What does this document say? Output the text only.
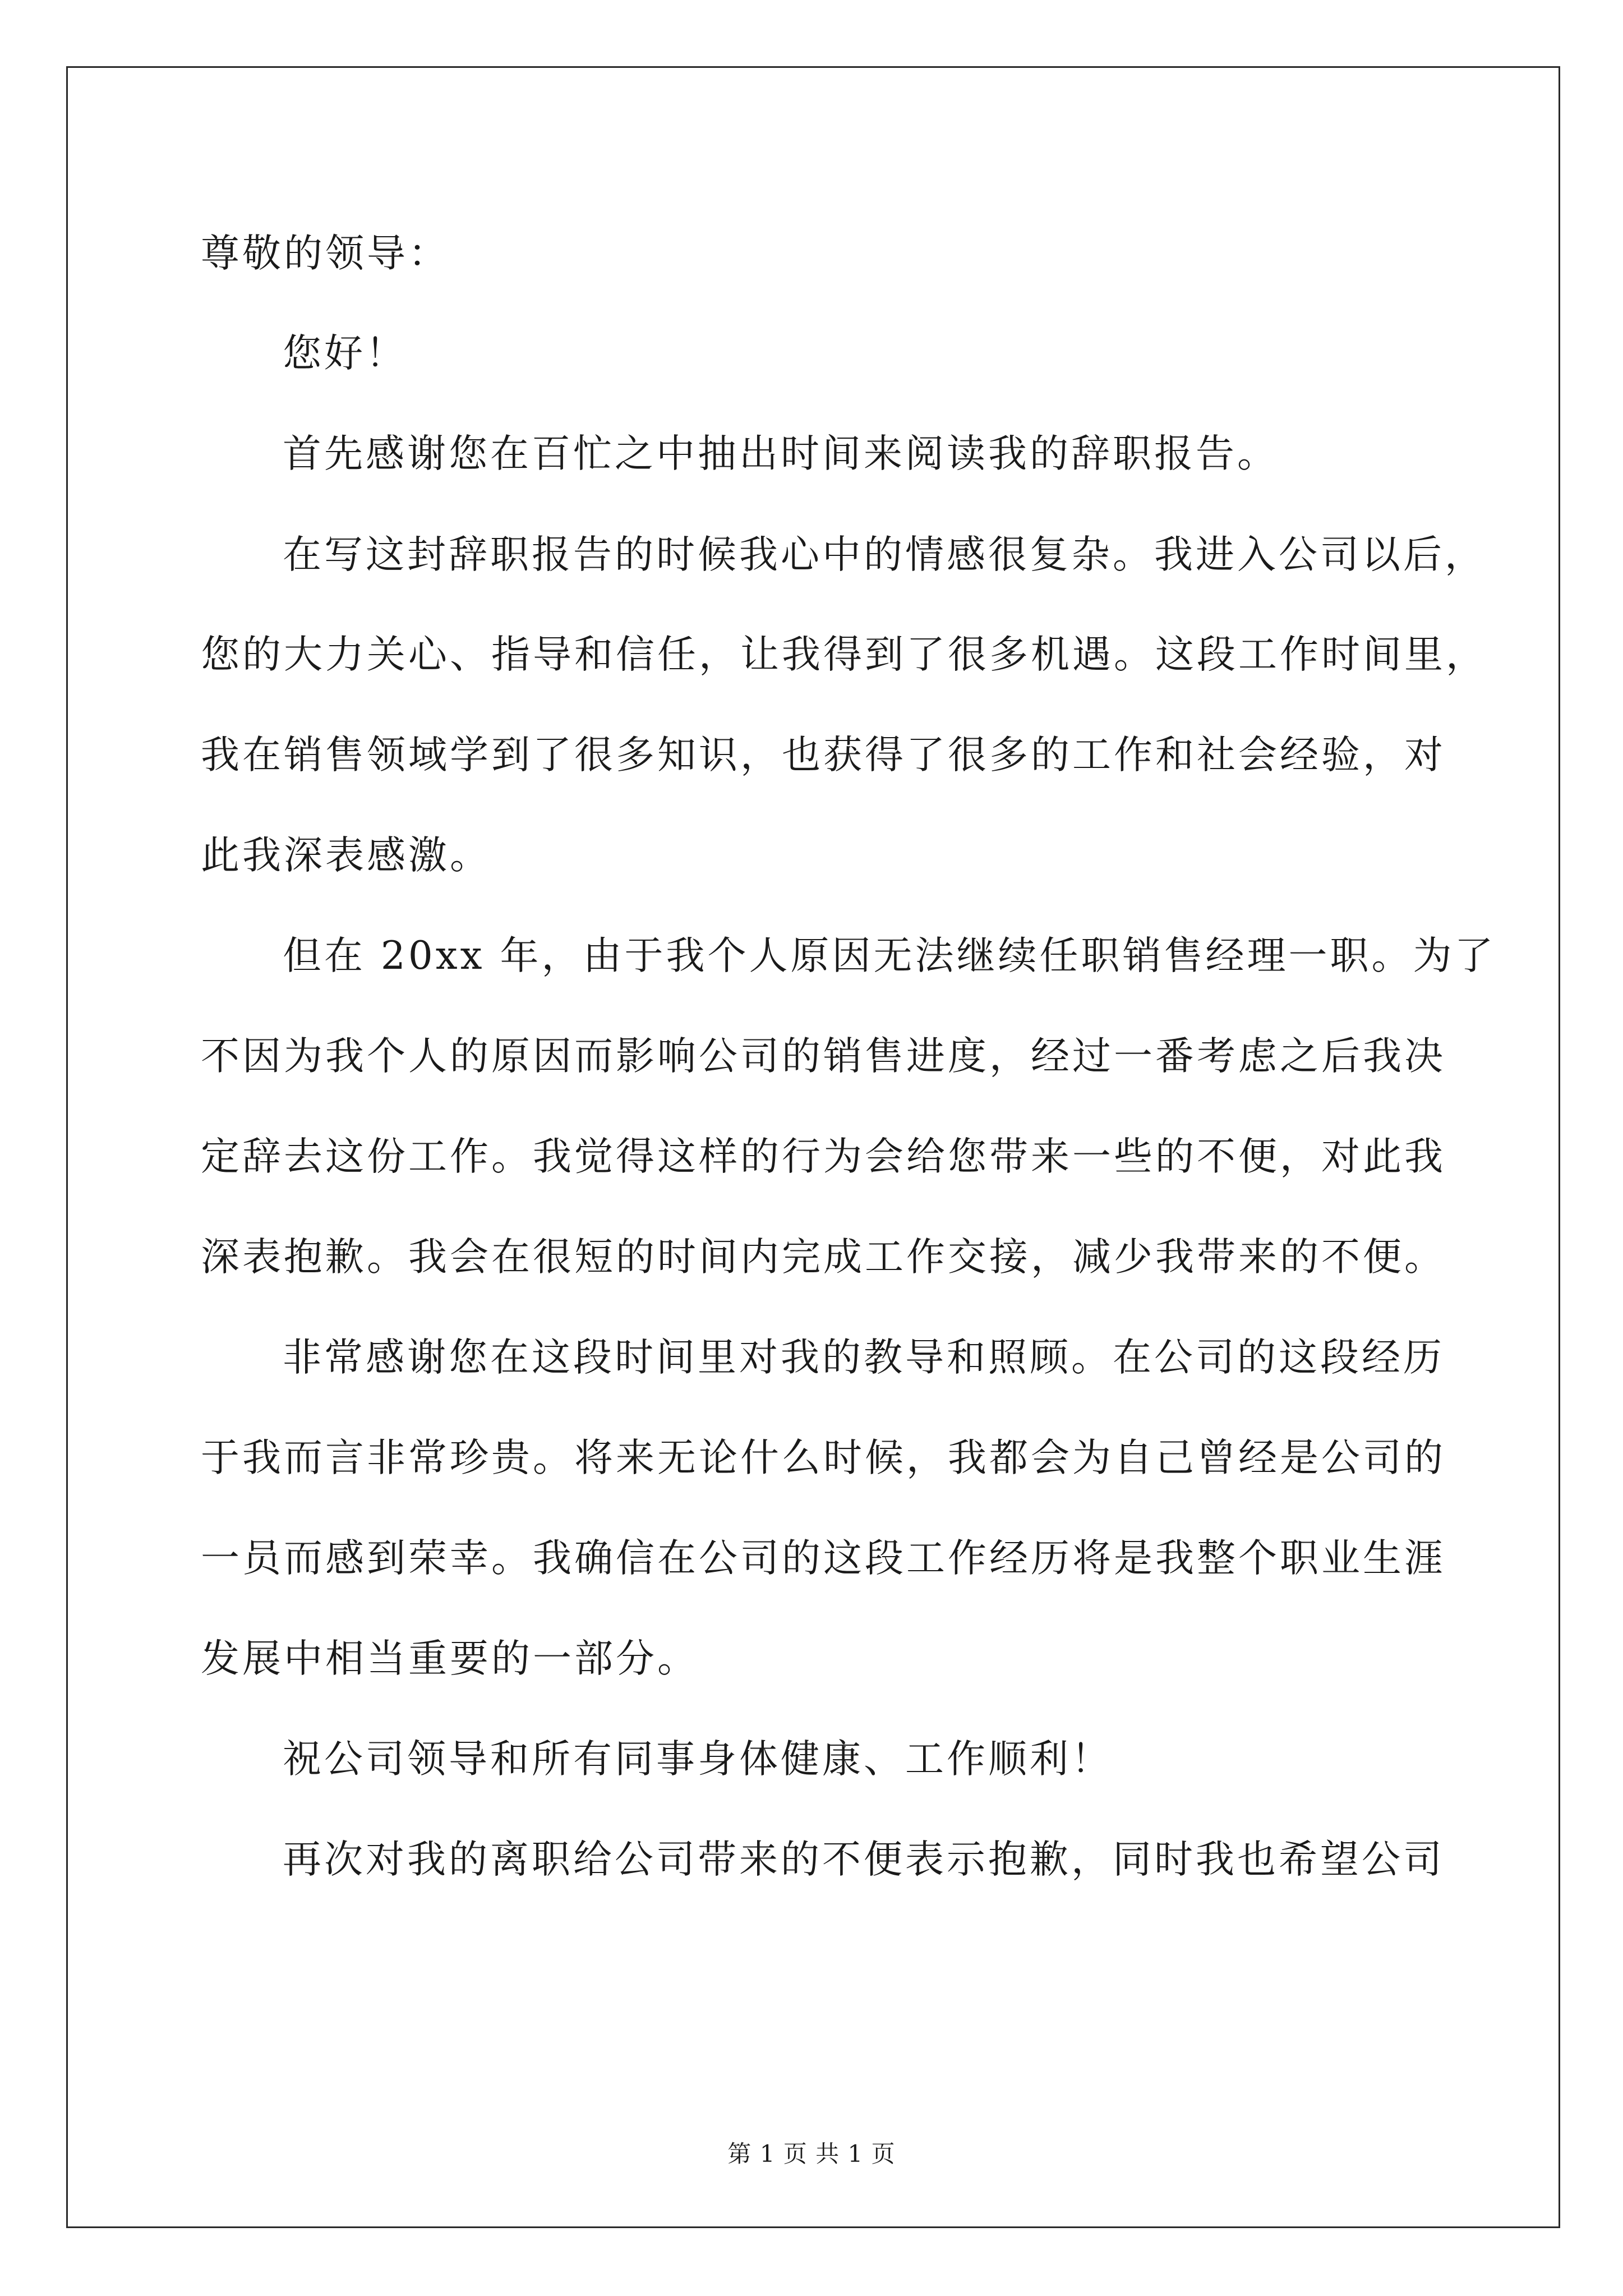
尊敬的领导：
您好！
首先感谢您在百忙之中抽出时间来阅读我的辞职报告。
在写这封辞职报告的时候我心中的情感很复杂。我进入公司以后，
您的大力关心、指导和信任，让我得到了很多机遇。这段工作时间里，
我在销售领域学到了很多知识，也获得了很多的工作和社会经验，对
此我深表感激。
但在 20xx 年，由于我个人原因无法继续任职销售经理一职。为了
不因为我个人的原因而影响公司的销售进度，经过一番考虑之后我决
定辞去这份工作。我觉得这样的行为会给您带来一些的不便，对此我
深表抱歉。我会在很短的时间内完成工作交接，减少我带来的不便。
非常感谢您在这段时间里对我的教导和照顾。在公司的这段经历
于我而言非常珍贵。将来无论什么时候，我都会为自己曾经是公司的
一员而感到荣幸。我确信在公司的这段工作经历将是我整个职业生涯
发展中相当重要的一部分。
祝公司领导和所有同事身体健康、工作顺利！
再次对我的离职给公司带来的不便表示抱歉，同时我也希望公司
第 1 页 共 1 页
